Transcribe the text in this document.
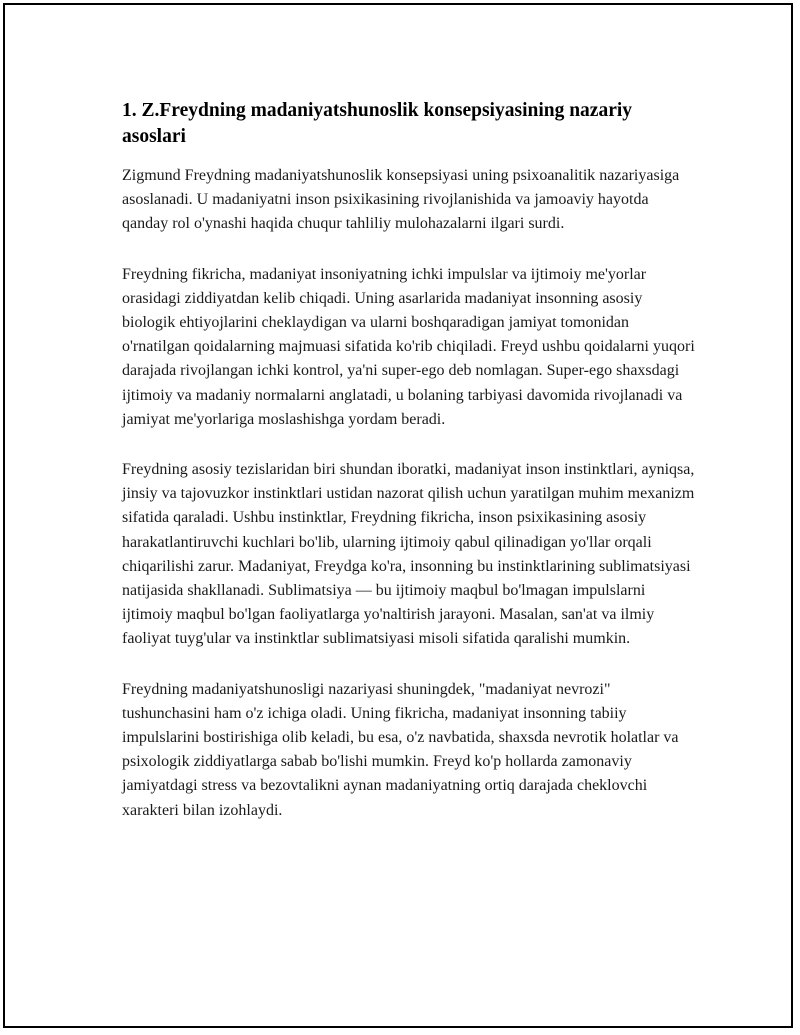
1. Z.Freydning madaniyatshunoslik konsepsiyasining nazariy asoslari

Zigmund Freydning madaniyatshunoslik konsepsiyasi uning psixoanalitik nazariyasiga asoslanadi. U madaniyatni inson psixikasining rivojlanishida va jamoaviy hayotda qanday rol o'ynashi haqida chuqur tahliliy mulohazalarni ilgari surdi.

Freydning fikricha, madaniyat insoniyatning ichki impulslar va ijtimoiy me'yorlar orasidagi ziddiyatdan kelib chiqadi. Uning asarlarida madaniyat insonning asosiy biologik ehtiyojlarini cheklaydigan va ularni boshqaradigan jamiyat tomonidan o'rnatilgan qoidalarning majmuasi sifatida ko'rib chiqiladi. Freyd ushbu qoidalarni yuqori darajada rivojlangan ichki kontrol, ya'ni super-ego deb nomlagan. Super-ego shaxsdagi ijtimoiy va madaniy normalarni anglatadi, u bolaning tarbiyasi davomida rivojlanadi va jamiyat me'yorlariga moslashishga yordam beradi.

Freydning asosiy tezislaridan biri shundan iboratki, madaniyat inson instinktlari, ayniqsa, jinsiy va tajovuzkor instinktlari ustidan nazorat qilish uchun yaratilgan muhim mexanizm sifatida qaraladi. Ushbu instinktlar, Freydning fikricha, inson psixikasining asosiy harakatlantiruvchi kuchlari bo'lib, ularning ijtimoiy qabul qilinadigan yo'llar orqali chiqarilishi zarur. Madaniyat, Freydga ko'ra, insonning bu instinktlarining sublimatsiyasi natijasida shakllanadi. Sublimatsiya — bu ijtimoiy maqbul bo'lmagan impulslarni ijtimoiy maqbul bo'lgan faoliyatlarga yo'naltirish jarayoni. Masalan, san'at va ilmiy faoliyat tuyg'ular va instinktlar sublimatsiyasi misoli sifatida qaralishi mumkin.

Freydning madaniyatshunosligi nazariyasi shuningdek, "madaniyat nevrozi" tushunchasini ham o'z ichiga oladi. Uning fikricha, madaniyat insonning tabiiy impulslarini bostirishiga olib keladi, bu esa, o'z navbatida, shaxsda nevrotik holatlar va psixologik ziddiyatlarga sabab bo'lishi mumkin. Freyd ko'p hollarda zamonaviy jamiyatdagi stress va bezovtalikni aynan madaniyatning ortiq darajada cheklovchi xarakteri bilan izohlaydi.
